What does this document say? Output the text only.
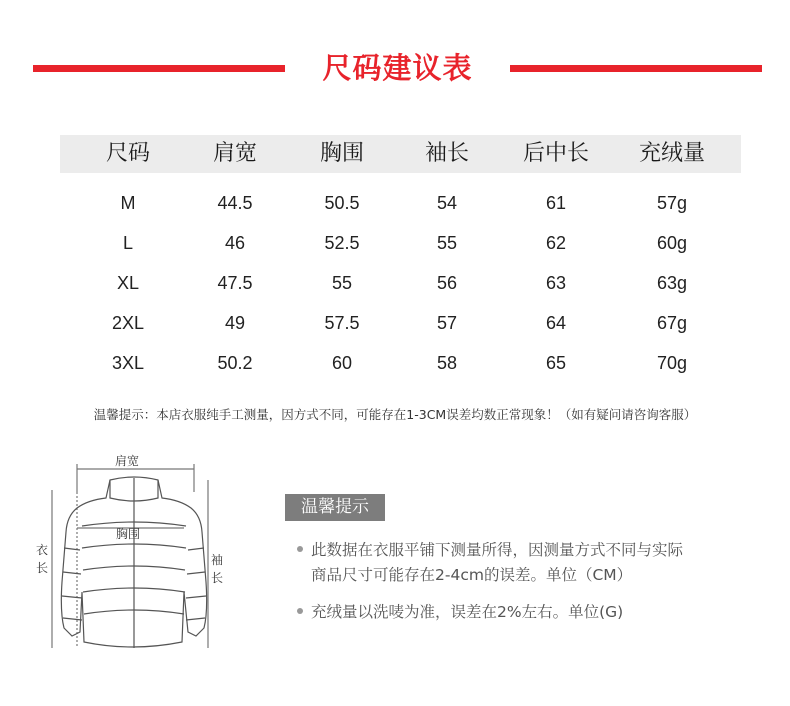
尺码建议表
尺码	肩宽	胸围	袖长	后中长	充绒量
M	44.5	50.5	54	61	57g
L	46	52.5	55	62	60g
XL	47.5	55	56	63	63g
2XL	49	57.5	57	64	67g
3XL	50.2	60	58	65	70g
温馨提示：本店衣服纯手工测量，因方式不同，可能存在1-3CM误差均数正常现象！（如有疑问请咨询客服）
肩宽
胸围
衣
长
袖
长
温馨提示
此数据在衣服平铺下测量所得，因测量方式不同与实际
商品尺寸可能存在2-4cm的误差。单位（CM）
充绒量以洗唛为准，误差在2%左右。单位(G)
